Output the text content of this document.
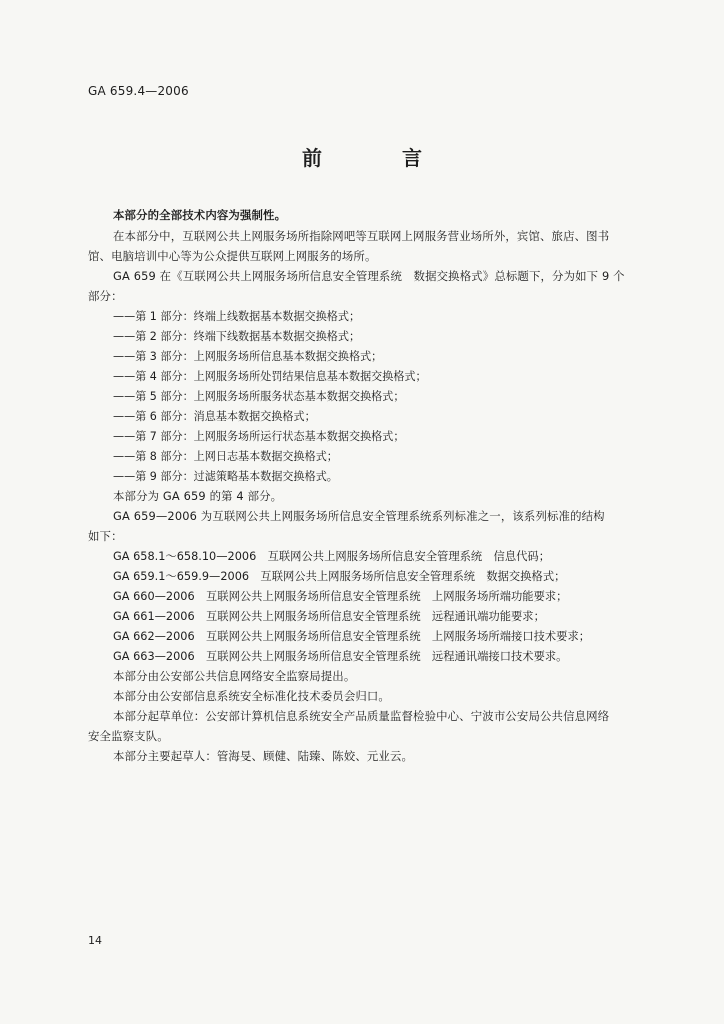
GA 659.4—2006
前　言
本部分的全部技术内容为强制性。
在本部分中，互联网公共上网服务场所指除网吧等互联网上网服务营业场所外，宾馆、旅店、图书
馆、电脑培训中心等为公众提供互联网上网服务的场所。
GA 659 在《互联网公共上网服务场所信息安全管理系统　数据交换格式》总标题下，分为如下 9 个
部分：
——第 1 部分：终端上线数据基本数据交换格式；
——第 2 部分：终端下线数据基本数据交换格式；
——第 3 部分：上网服务场所信息基本数据交换格式；
——第 4 部分：上网服务场所处罚结果信息基本数据交换格式；
——第 5 部分：上网服务场所服务状态基本数据交换格式；
——第 6 部分：消息基本数据交换格式；
——第 7 部分：上网服务场所运行状态基本数据交换格式；
——第 8 部分：上网日志基本数据交换格式；
——第 9 部分：过滤策略基本数据交换格式。
本部分为 GA 659 的第 4 部分。
GA 659—2006 为互联网公共上网服务场所信息安全管理系统系列标准之一，该系列标准的结构
如下：
GA 658.1～658.10—2006　互联网公共上网服务场所信息安全管理系统　信息代码；
GA 659.1～659.9—2006　互联网公共上网服务场所信息安全管理系统　数据交换格式；
GA 660—2006　互联网公共上网服务场所信息安全管理系统　上网服务场所端功能要求；
GA 661—2006　互联网公共上网服务场所信息安全管理系统　远程通讯端功能要求；
GA 662—2006　互联网公共上网服务场所信息安全管理系统　上网服务场所端接口技术要求；
GA 663—2006　互联网公共上网服务场所信息安全管理系统　远程通讯端接口技术要求。
本部分由公安部公共信息网络安全监察局提出。
本部分由公安部信息系统安全标准化技术委员会归口。
本部分起草单位：公安部计算机信息系统安全产品质量监督检验中心、宁波市公安局公共信息网络
安全监察支队。
本部分主要起草人：管海旻、顾健、陆臻、陈姣、元业云。
14
